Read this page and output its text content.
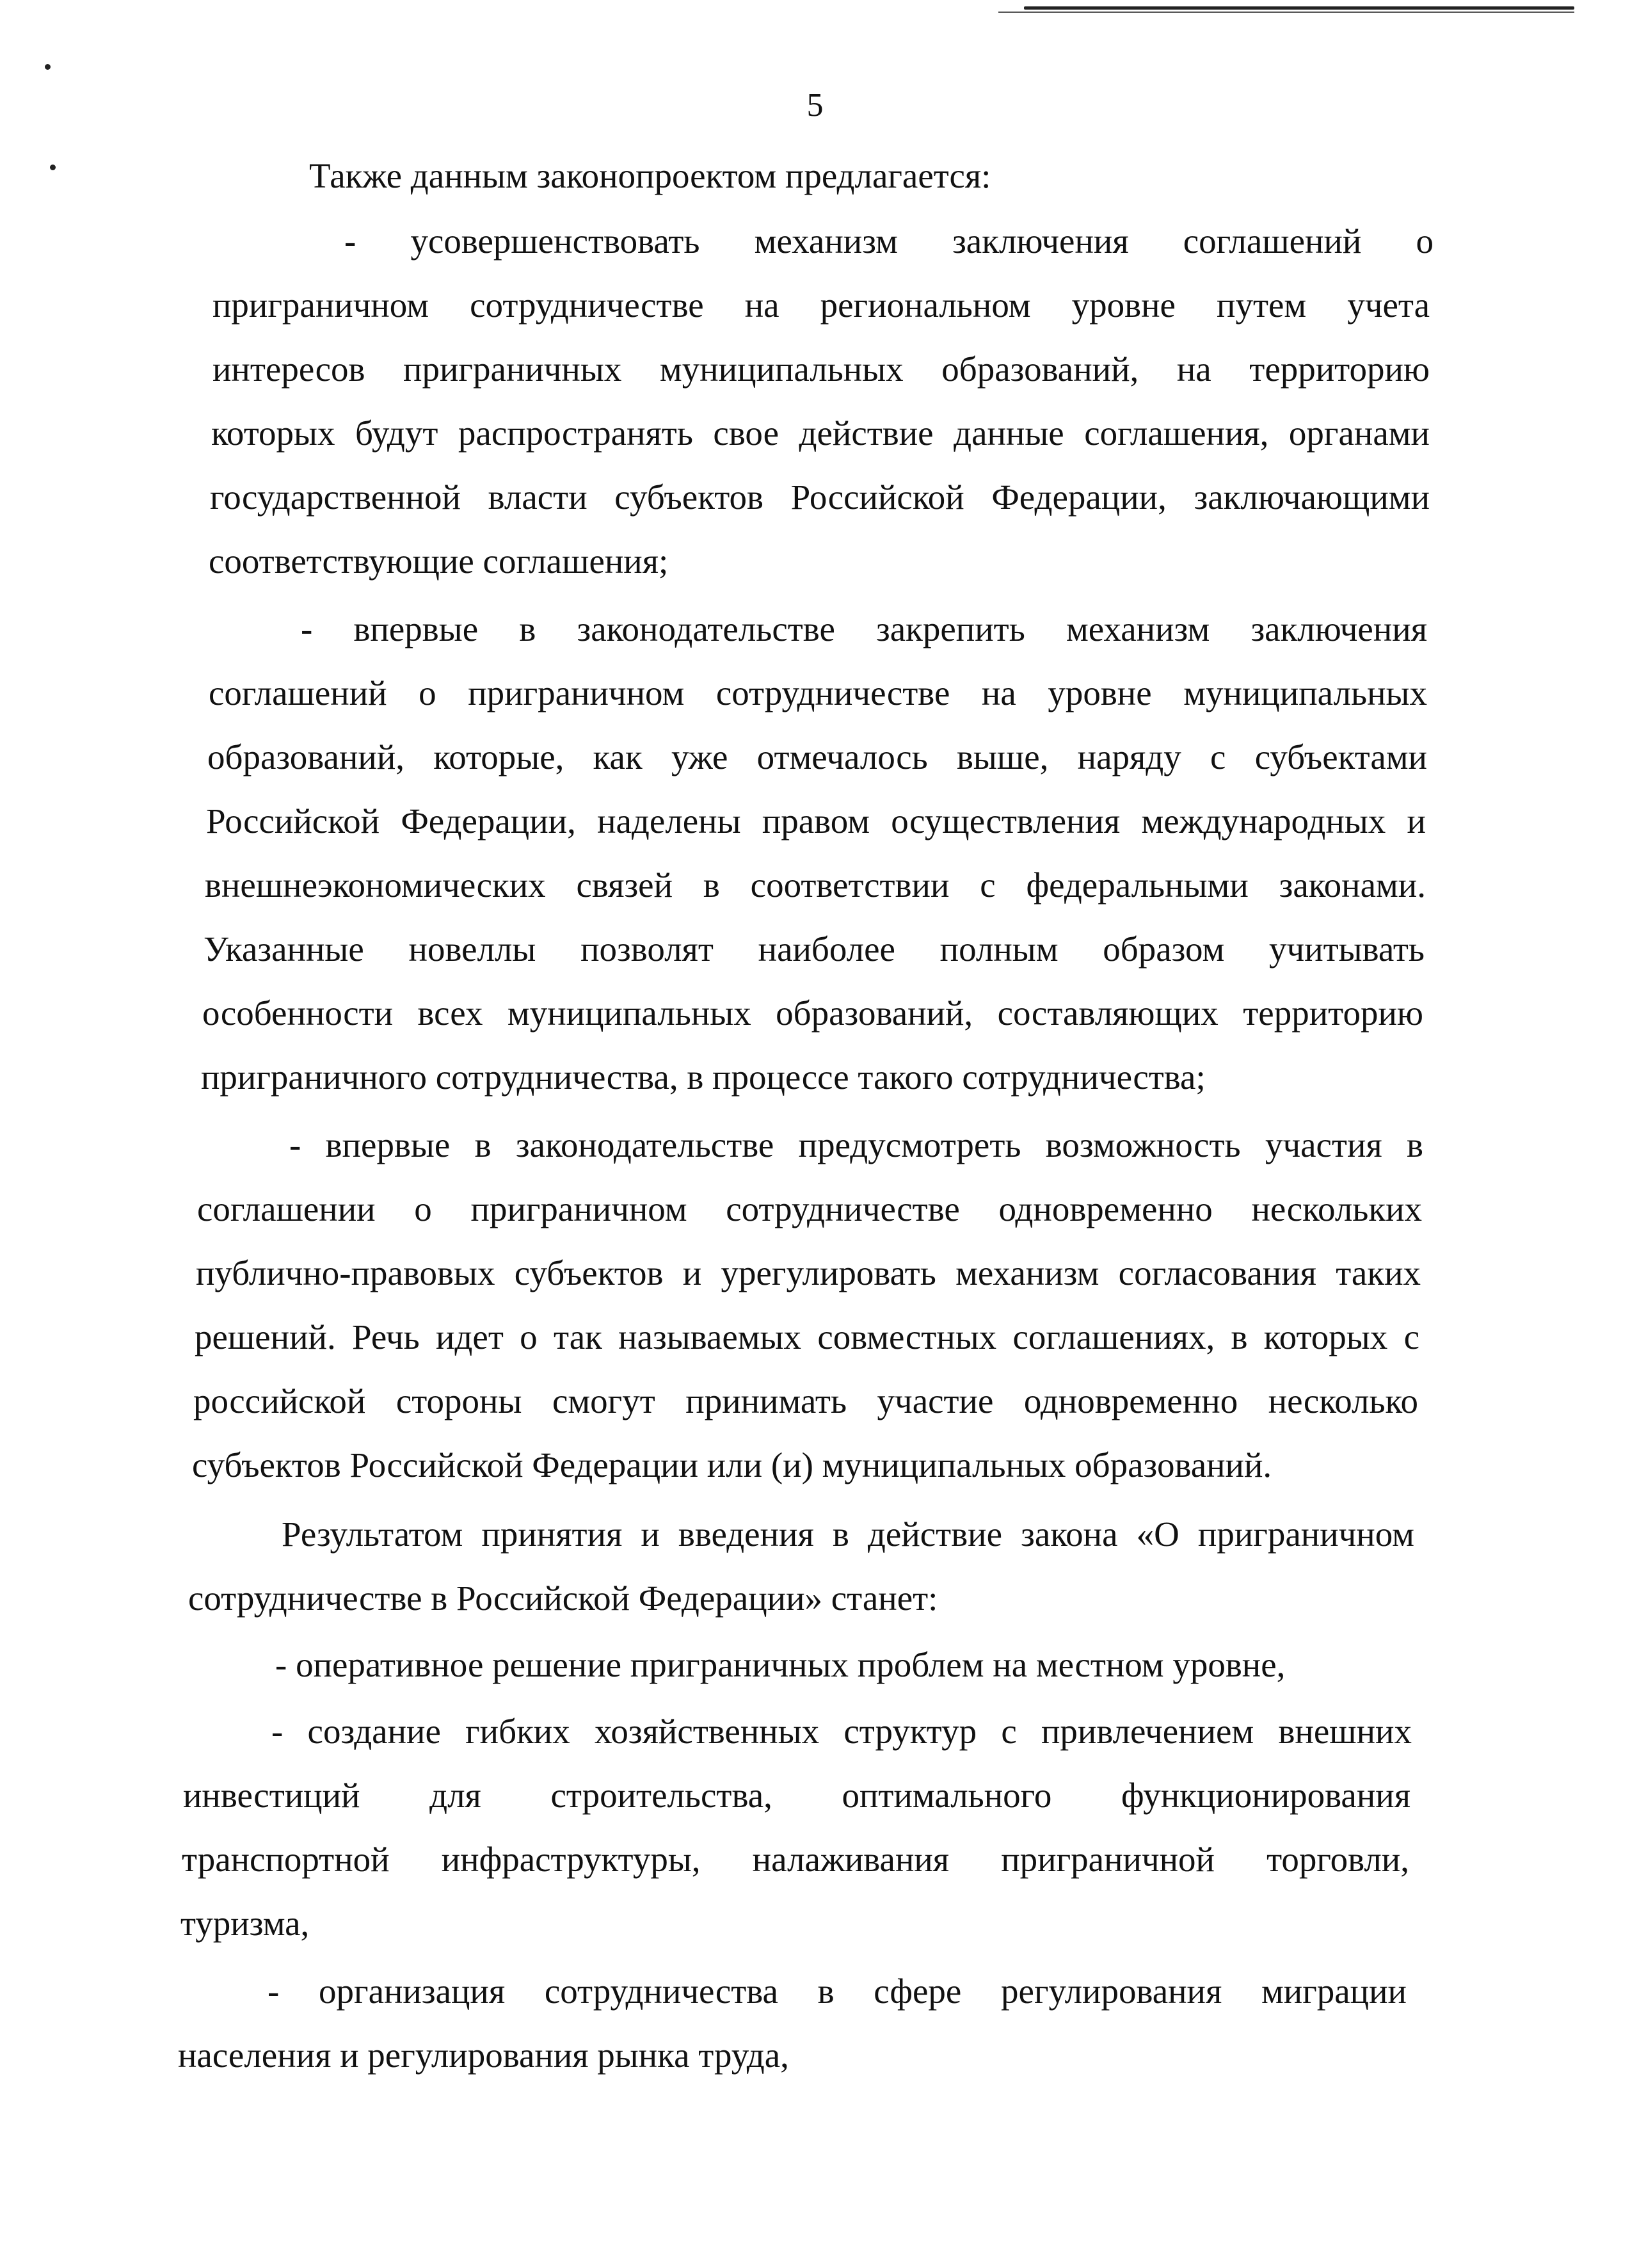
5
Также данным законопроектом предлагается:
-      усовершенствовать      механизм      заключения      соглашений      о
приграничном сотрудничестве на региональном уровне путем учета
интересов приграничных муниципальных образований, на территорию
которых будут распространять свое действие данные соглашения, органами
государственной власти субъектов Российской Федерации, заключающими
соответствующие соглашения;
- впервые в законодательстве закрепить механизм заключения
соглашений о приграничном сотрудничестве на уровне муниципальных
образований, которые, как уже отмечалось выше, наряду с субъектами
Российской Федерации, наделены правом осуществления международных и
внешнеэкономических связей в соответствии с федеральными законами.
Указанные новеллы позволят наиболее полным образом учитывать
особенности всех муниципальных образований, составляющих территорию
приграничного сотрудничества, в процессе такого сотрудничества;
- впервые в законодательстве предусмотреть возможность участия в
соглашении о приграничном сотрудничестве одновременно нескольких
публично-правовых субъектов и урегулировать механизм согласования таких
решений. Речь идет о так называемых совместных соглашениях, в которых с
российской стороны смогут принимать участие одновременно несколько
субъектов Российской Федерации или (и) муниципальных образований.
Результатом принятия и введения в действие закона «О приграничном
сотрудничестве в Российской Федерации» станет:
- оперативное решение приграничных проблем на местном уровне,
- создание гибких хозяйственных структур с привлечением внешних
инвестиций для строительства, оптимального функционирования
транспортной инфраструктуры, налаживания приграничной торговли,
туризма,
- организация сотрудничества в сфере регулирования миграции
населения и регулирования рынка труда,
